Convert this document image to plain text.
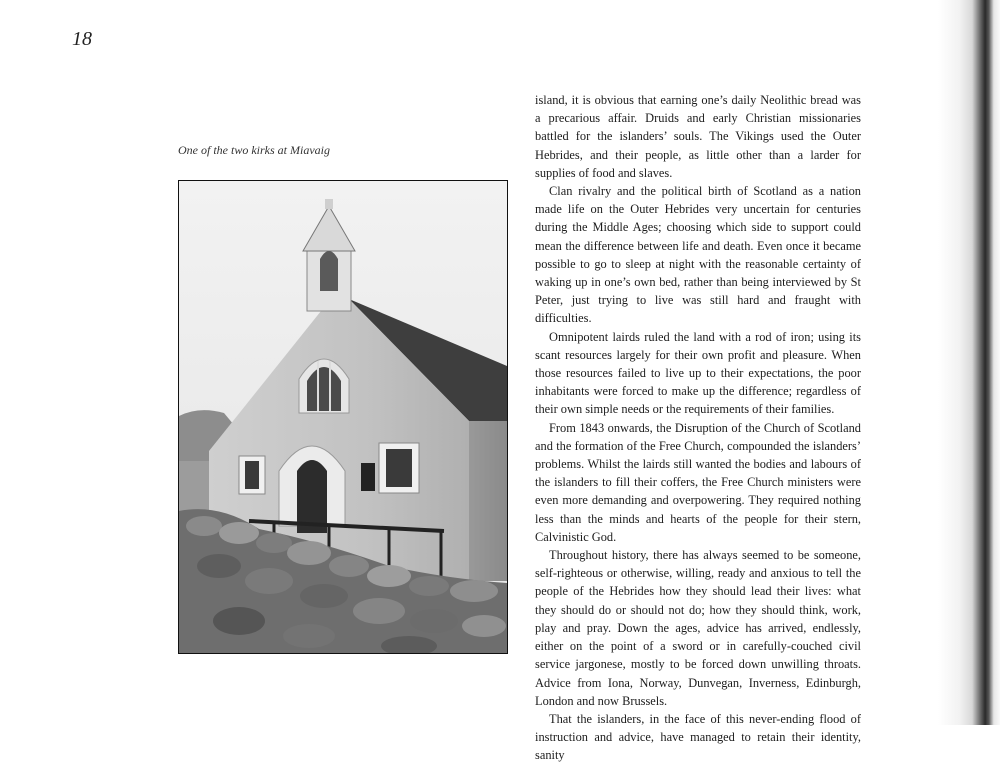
18
One of the two kirks at Miavaig

island, it is obvious that earning one’s daily Neolithic bread was a precarious affair. Druids and early Christian missionaries battled for the islanders’ souls. The Vikings used the Outer Hebrides, and their people, as little other than a larder for supplies of food and slaves.

Clan rivalry and the political birth of Scotland as a nation made life on the Outer Hebrides very uncertain for centuries during the Middle Ages; choosing which side to support could mean the difference between life and death. Even once it became possible to go to sleep at night with the reasonable certainty of waking up in one’s own bed, rather than being interviewed by St Peter, just trying to live was still hard and fraught with difficulties.

Omnipotent lairds ruled the land with a rod of iron; using its scant resources largely for their own profit and pleasure. When those resources failed to live up to their expectations, the poor inhabitants were forced to make up the difference; regardless of their own simple needs or the requirements of their families.

From 1843 onwards, the Disruption of the Church of Scotland and the formation of the Free Church, compounded the islanders’ problems. Whilst the lairds still wanted the bodies and labours of the islanders to fill their coffers, the Free Church ministers were even more demanding and overpowering. They required nothing less than the minds and hearts of the people for their stern, Calvinistic God.

Throughout history, there has always seemed to be someone, self-righteous or otherwise, willing, ready and anxious to tell the people of the Hebrides how they should lead their lives: what they should do or should not do; how they should think, work, play and pray. Down the ages, advice has arrived, endlessly, either on the point of a sword or in carefully-couched civil service jargonese, mostly to be forced down unwilling throats. Advice from Iona, Norway, Dunvegan, Inverness, Edinburgh, London and now Brussels.

That the islanders, in the face of this never-ending flood of instruction and advice, have managed to retain their identity, sanity
